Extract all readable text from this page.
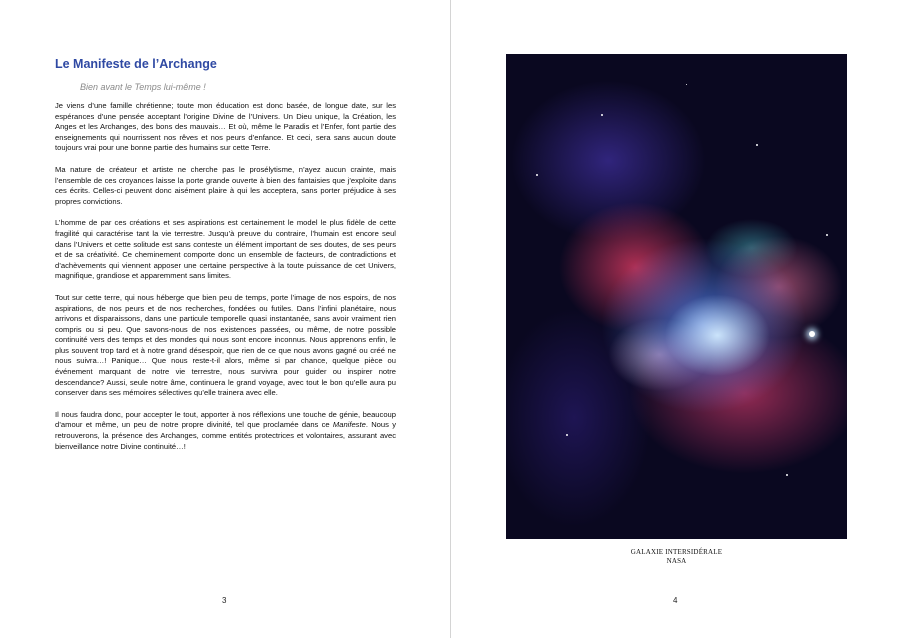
Le Manifeste de l’Archange
Bien avant le Temps lui-même !

Je viens d’une famille chrétienne; toute mon éducation est donc basée, de longue date, sur les espérances d’une pensée acceptant l’origine Divine de l’Univers. Un Dieu unique, la Création, les Anges et les Archanges, des bons des mauvais… Et où, même le Paradis et l’Enfer, font partie des enseignements qui nourrissent nos rêves et nos peurs d’enfance. Et ceci, sera sans aucun doute toujours vrai pour une bonne partie des humains sur cette Terre.

Ma nature de créateur et artiste ne cherche pas le prosélytisme, n’ayez aucun crainte, mais l’ensemble de ces croyances laisse la porte grande ouverte à bien des fantaisies que j’exploite dans ces écrits. Celles-ci peuvent donc aisément plaire à qui les acceptera, sans porter préjudice à ses propres convictions.

L’homme de par ces créations et ses aspirations est certainement le model le plus fidèle de cette fragilité qui caractérise tant la vie terrestre. Jusqu’à preuve du contraire, l’humain est encore seul dans l’Univers et cette solitude est sans conteste un élément important de ses doutes, de ses peurs et de sa créativité. Ce cheminement comporte donc un ensemble de facteurs, de contradictions et d’achèvements qui viennent apposer une certaine perspective à la toute puissance de cet Univers, magnifique, grandiose et apparemment sans limites.

Tout sur cette terre, qui nous héberge que bien peu de temps, porte l’image de nos espoirs, de nos aspirations, de nos peurs et de nos recherches, fondées ou futiles. Dans l’infini planétaire, nous arrivons et disparaissons, dans une particule temporelle quasi instantanée, sans avoir vraiment rien compris ou si peu. Que savons-nous de nos existences passées, ou même, de notre possible continuité vers des temps et des mondes qui nous sont encore inconnus. Nous apprenons enfin, le plus souvent trop tard et à notre grand désespoir, que rien de ce que nous avons gagné ou créé ne nous suivra…! Panique… Que nous reste-t-il alors, même si par chance, quelque pièce ou événement marquant de notre vie terrestre, nous survivra pour guider ou inspirer notre descendance? Aussi, seule notre âme, continuera le grand voyage, avec tout le bon qu’elle aura pu conserver dans ses mémoires sélectives qu’elle trainera avec elle.

Il nous faudra donc, pour accepter le tout, apporter à nos réflexions une touche de génie, beaucoup d’amour et même, un peu de notre propre divinité, tel que proclamée dans ce Manifeste. Nous y retrouverons, la présence des Archanges, comme entités protectrices et volontaires, assurant avec bienveillance notre Divine continuité…!

3
GALAXIE INTERSIDÉRALE
NASA
4
